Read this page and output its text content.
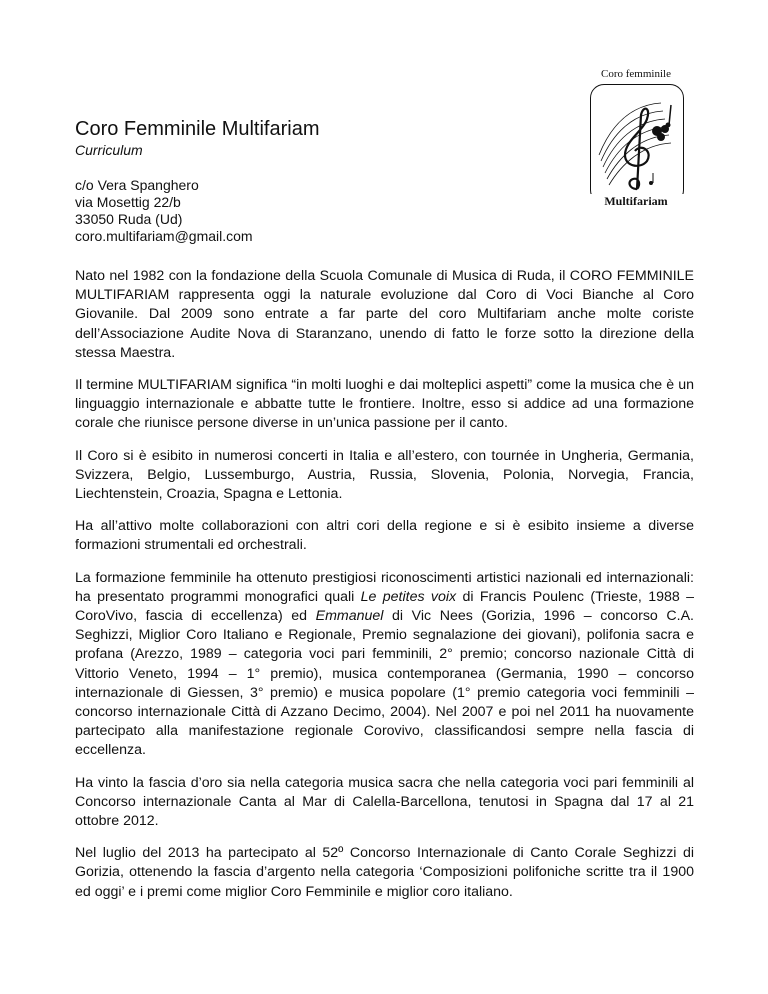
Coro femminile
Multifariam
Coro Femminile Multifariam
Curriculum
c/o Vera Spanghero
via Mosettig 22/b
33050 Ruda (Ud)
coro.multifariam@gmail.com

Nato nel 1982 con la fondazione della Scuola Comunale di Musica di Ruda, il CORO FEMMINILE MULTIFARIAM rappresenta oggi la naturale evoluzione dal Coro di Voci Bianche al Coro Giovanile. Dal 2009 sono entrate a far parte del coro Multifariam anche molte coriste dell’Associazione Audite Nova di Staranzano, unendo di fatto le forze sotto la direzione della stessa Maestra.

Il termine MULTIFARIAM significa “in molti luoghi e dai molteplici aspetti” come la musica che è un linguaggio internazionale e abbatte tutte le frontiere. Inoltre, esso si addice ad una formazione corale che riunisce persone diverse in un’unica passione per il canto.

Il Coro si è esibito in numerosi concerti in Italia e all’estero, con tournée in Ungheria, Germania, Svizzera, Belgio, Lussemburgo, Austria, Russia, Slovenia, Polonia, Norvegia, Francia, Liechtenstein, Croazia, Spagna e Lettonia.

Ha all’attivo molte collaborazioni con altri cori della regione e si è esibito insieme a diverse formazioni strumentali ed orchestrali.

La formazione femminile ha ottenuto prestigiosi riconoscimenti artistici nazionali ed internazionali: ha presentato programmi monografici quali Le petites voix di Francis Poulenc (Trieste, 1988 – CoroVivo, fascia di eccellenza) ed Emmanuel di Vic Nees (Gorizia, 1996 – concorso C.A. Seghizzi, Miglior Coro Italiano e Regionale, Premio segnalazione dei giovani), polifonia sacra e profana (Arezzo, 1989 – categoria voci pari femminili, 2° premio; concorso nazionale Città di Vittorio Veneto, 1994 – 1° premio), musica contemporanea (Germania, 1990 – concorso internazionale di Giessen, 3° premio) e musica popolare (1° premio categoria voci femminili – concorso internazionale Città di Azzano Decimo, 2004). Nel 2007 e poi nel 2011 ha nuovamente partecipato alla manifestazione regionale Corovivo, classificandosi sempre nella fascia di eccellenza.

Ha vinto la fascia d’oro sia nella categoria musica sacra che nella categoria voci pari femminili al Concorso internazionale Canta al Mar di Calella-Barcellona, tenutosi in Spagna dal 17 al 21 ottobre 2012.

Nel luglio del 2013 ha partecipato al 52º Concorso Internazionale di Canto Corale Seghizzi di Gorizia, ottenendo la fascia d’argento nella categoria ‘Composizioni polifoniche scritte tra il 1900 ed oggi’ e i premi come miglior Coro Femminile e miglior coro italiano.
